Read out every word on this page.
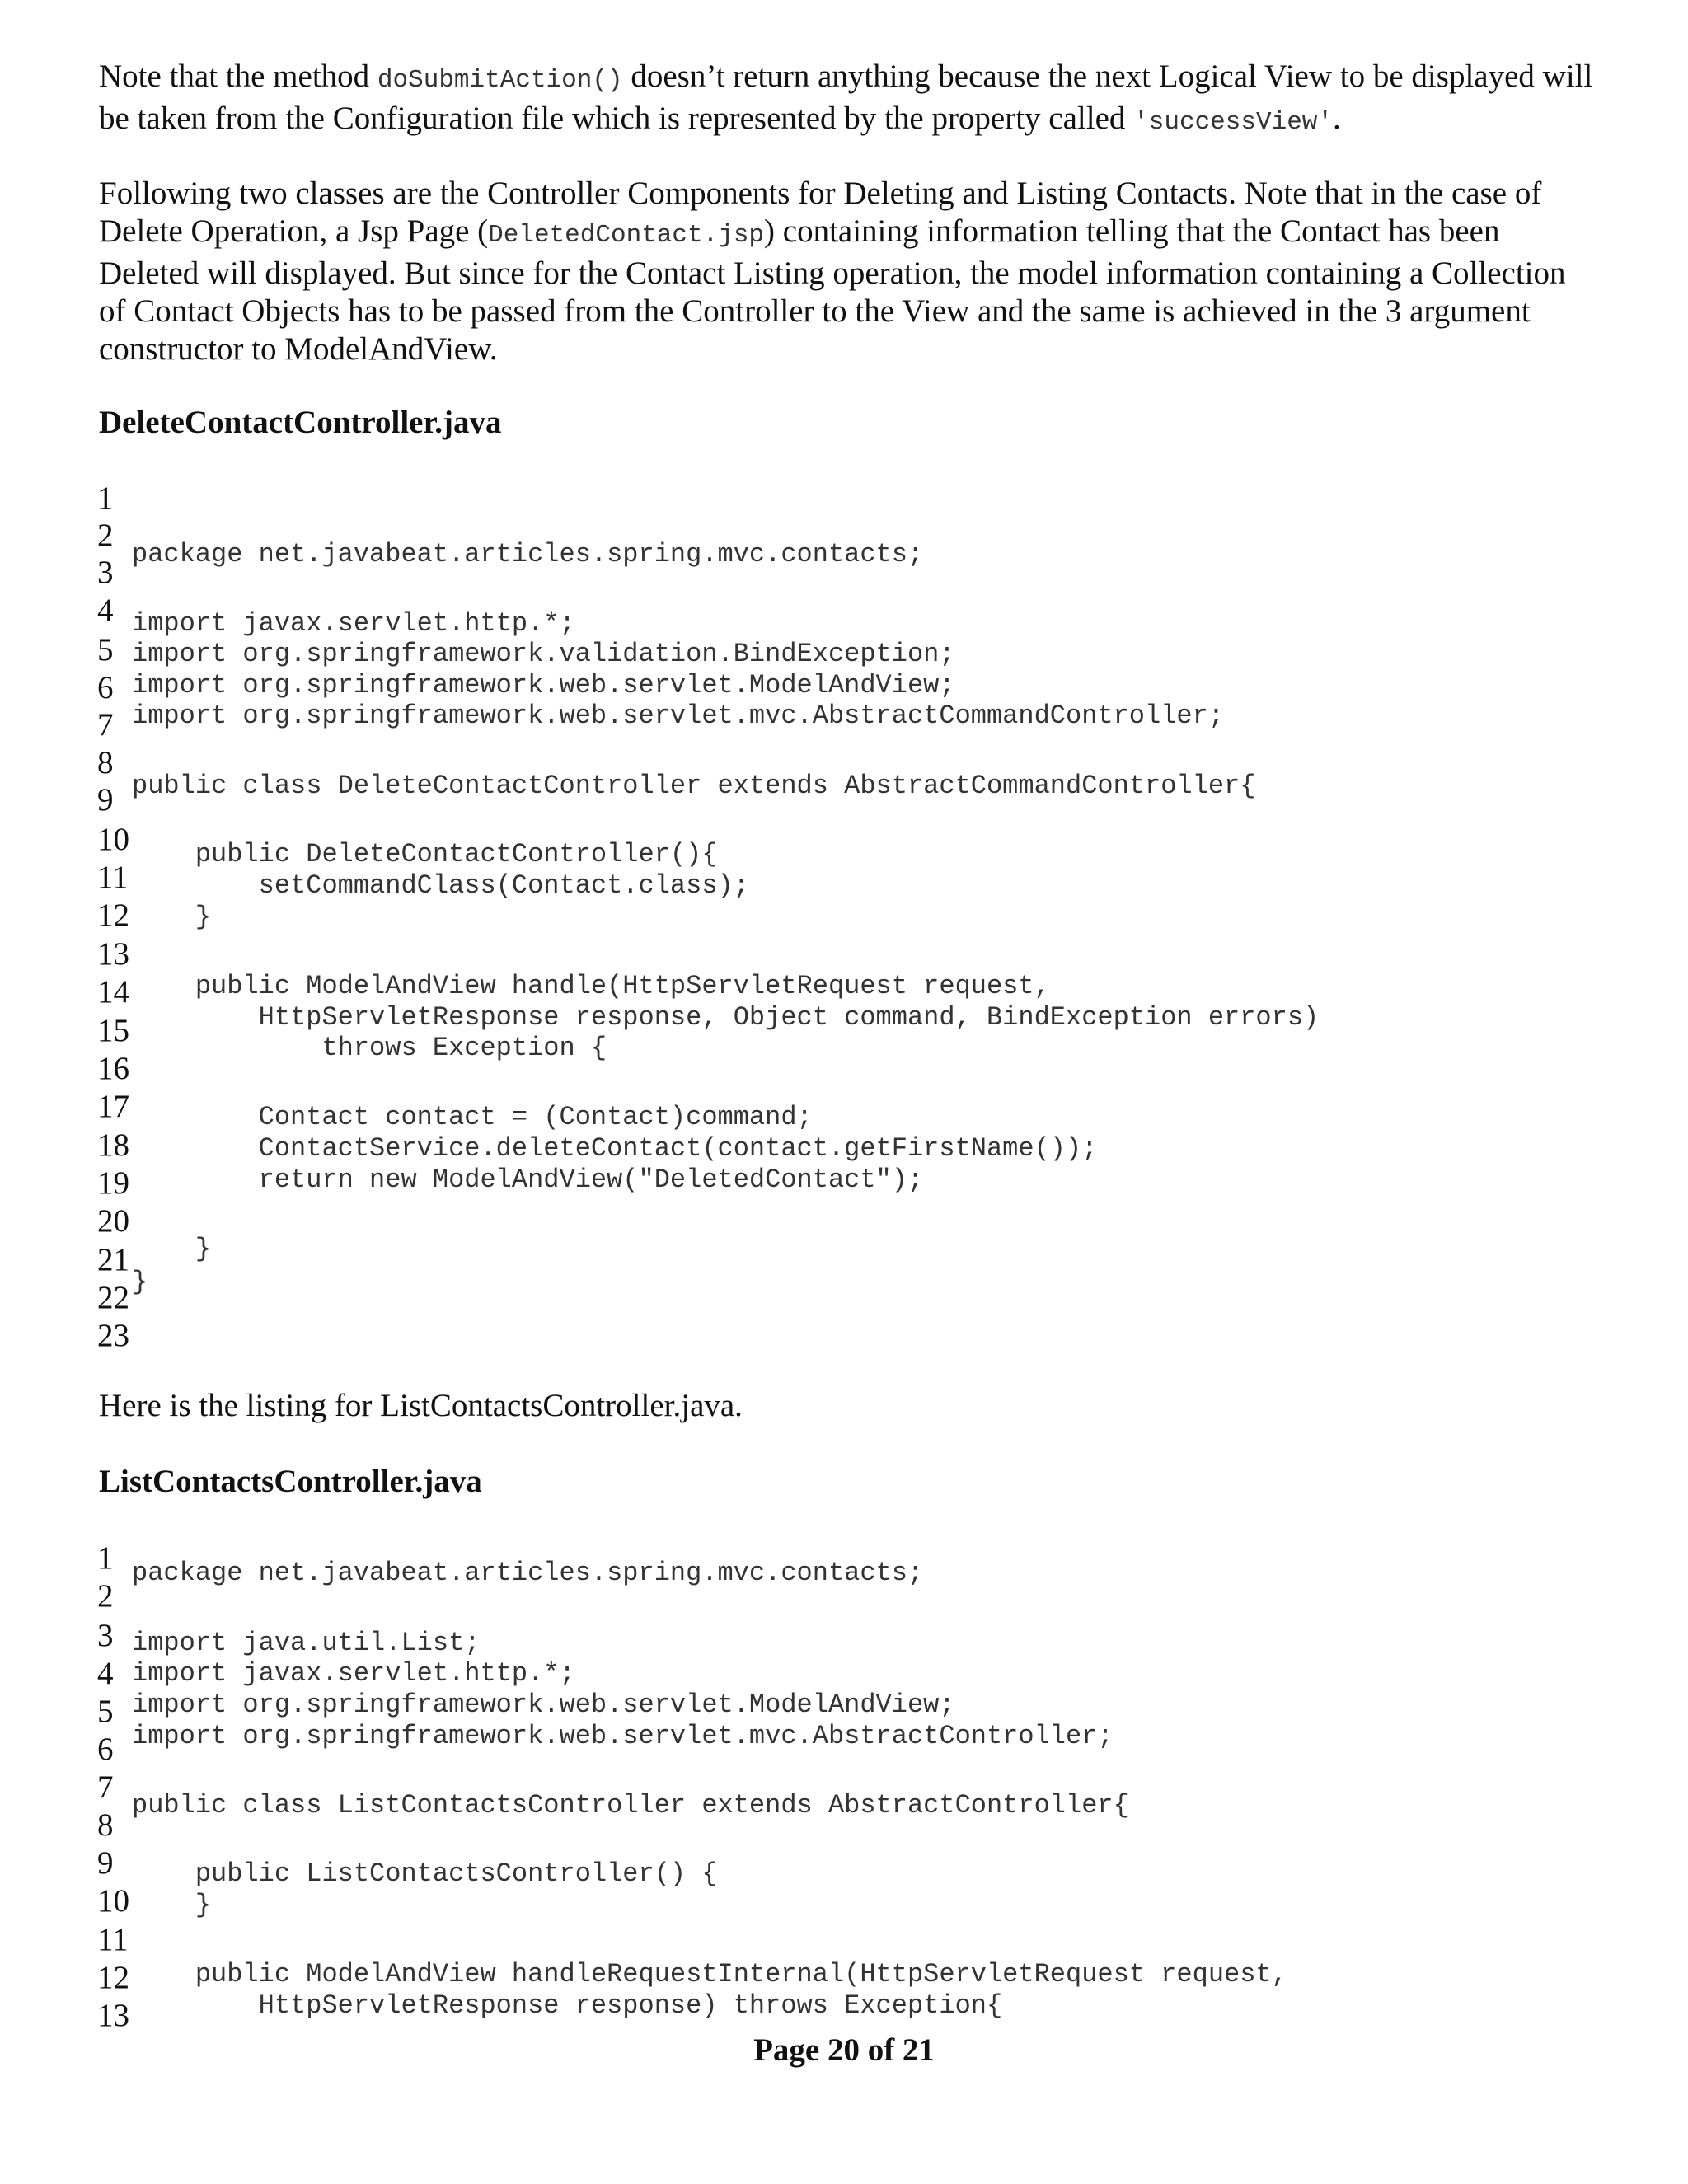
Note that the method doSubmitAction() doesn’t return anything because the next Logical View to be displayed will be taken from the Configuration file which is represented by the property called 'successView'.
Following two classes are the Controller Components for Deleting and Listing Contacts. Note that in the case of Delete Operation, a Jsp Page (DeletedContact.jsp) containing information telling that the Contact has been Deleted will displayed. But since for the Contact Listing operation, the model information containing a Collection of Contact Objects has to be passed from the Controller to the View and the same is achieved in the 3 argument constructor to ModelAndView.
DeleteContactController.java
1
2
3
4
5
6
7
8
9
10
11
12
13
14
15
16
17
18
19
20
21
22
23
package net.javabeat.articles.spring.mvc.contacts;
import javax.servlet.http.*;
import org.springframework.validation.BindException;
import org.springframework.web.servlet.ModelAndView;
import org.springframework.web.servlet.mvc.AbstractCommandController;
public class DeleteContactController extends AbstractCommandController{
public DeleteContactController(){
setCommandClass(Contact.class);
}
public ModelAndView handle(HttpServletRequest request,
HttpServletResponse response, Object command, BindException errors)
throws Exception {
Contact contact = (Contact)command;
ContactService.deleteContact(contact.getFirstName());
return new ModelAndView("DeletedContact");
}
}
Here is the listing for ListContactsController.java.
ListContactsController.java
1
2
3
4
5
6
7
8
9
10
11
12
13
package net.javabeat.articles.spring.mvc.contacts;
import java.util.List;
import javax.servlet.http.*;
import org.springframework.web.servlet.ModelAndView;
import org.springframework.web.servlet.mvc.AbstractController;
public class ListContactsController extends AbstractController{
public ListContactsController() {
}
public ModelAndView handleRequestInternal(HttpServletRequest request,
HttpServletResponse response) throws Exception{
Page 20 of 21
